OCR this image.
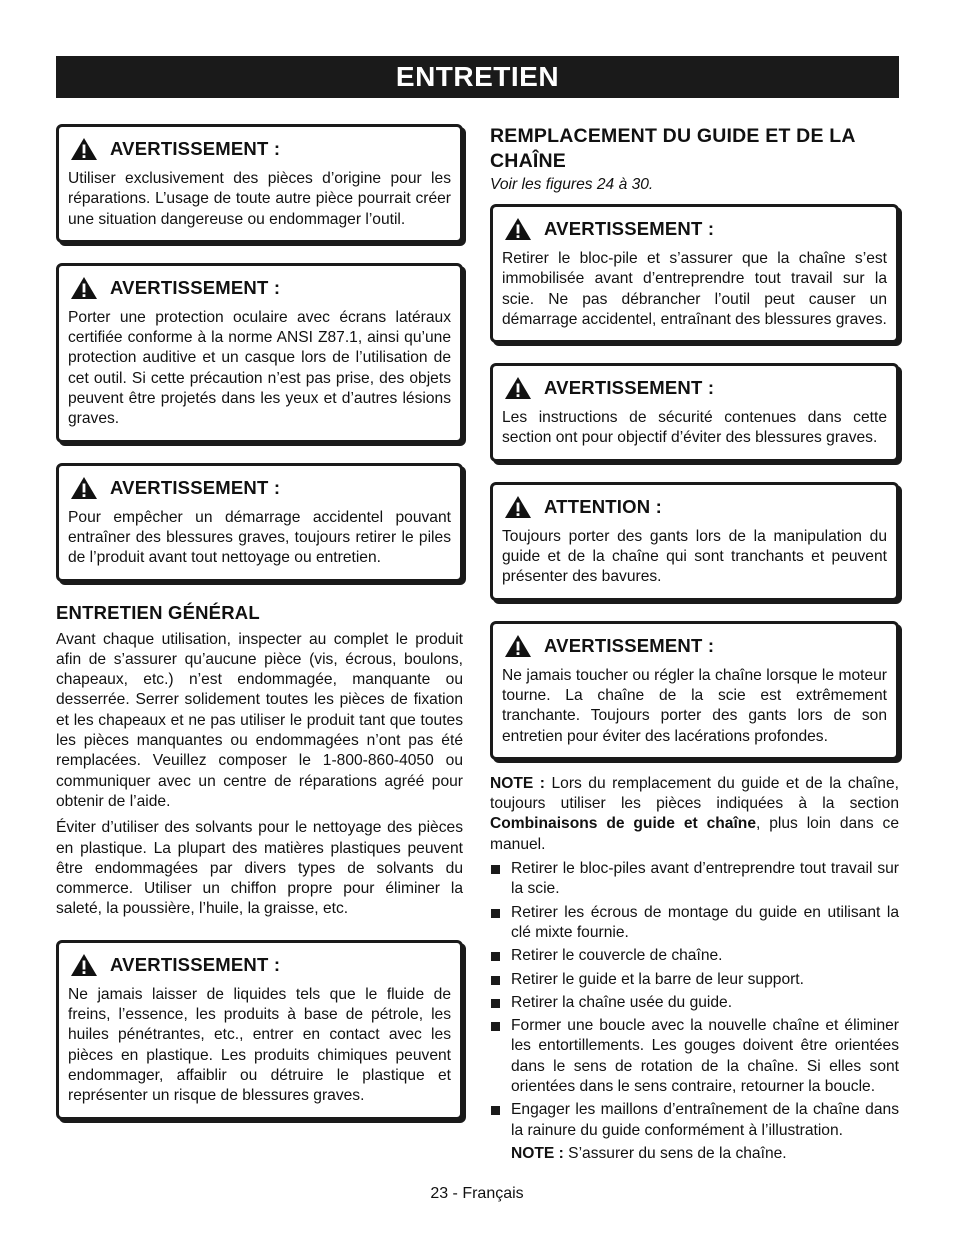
ENTRETIEN
AVERTISSEMENT :
Utiliser exclusivement des pièces d’origine pour les réparations. L’usage de toute autre pièce pourrait créer une situation dangereuse ou endommager l’outil.
AVERTISSEMENT :
Porter une protection oculaire avec écrans latéraux certifiée conforme à la norme ANSI Z87.1, ainsi qu’une protection auditive et un casque lors de l’utilisation de cet outil. Si cette précaution n’est pas prise, des objets peuvent être projetés dans les yeux et d’autres lésions graves.
AVERTISSEMENT :
Pour empêcher un démarrage accidentel pouvant entraîner des blessures graves, toujours retirer le piles de l’produit avant tout nettoyage ou entretien.
ENTRETIEN GÉNÉRAL

Avant chaque utilisation, inspecter au complet le produit afin de s’assurer qu’aucune pièce (vis, écrous, boulons, chapeaux, etc.) n’est endommagée, manquante ou desserrée. Serrer solidement toutes les pièces de fixation et les chapeaux et ne pas utiliser le produit tant que toutes les pièces manquantes ou endommagées n’ont pas été remplacées. Veuillez composer le 1-800-860-4050 ou communiquer avec un centre de réparations agréé pour obtenir de l’aide.

Éviter d’utiliser des solvants pour le nettoyage des pièces en plastique. La plupart des matières plastiques peuvent être endommagées par divers types de solvants du commerce. Utiliser un chiffon propre pour éliminer la saleté, la poussière, l’huile, la graisse, etc.

AVERTISSEMENT :
Ne jamais laisser de liquides tels que le fluide de freins, l’essence, les produits à base de pétrole, les huiles pénétrantes, etc., entrer en contact avec les pièces en plastique. Les produits chimiques peuvent endommager, affaiblir ou détruire le plastique et représenter un risque de blessures graves.
REMPLACEMENT DU GUIDE ET DE LA CHAÎNE
Voir les figures 24 à 30.
AVERTISSEMENT :
Retirer le bloc-pile et s’assurer que la chaîne s’est immobilisée avant d’entreprendre tout travail sur la scie. Ne pas débrancher l’outil peut causer un démarrage accidentel, entraînant des blessures graves.
AVERTISSEMENT :
Les instructions de sécurité contenues dans cette section ont pour objectif d’éviter des blessures graves.
ATTENTION :
Toujours porter des gants lors de la manipulation du guide et de la chaîne qui sont tranchants et peuvent présenter des bavures.
AVERTISSEMENT :
Ne jamais toucher ou régler la chaîne lorsque le moteur tourne. La chaîne de la scie est extrêmement tranchante. Toujours porter des gants lors de son entretien pour éviter des lacérations profondes.

NOTE : Lors du remplacement du guide et de la chaîne, toujours utiliser les pièces indiquées à la section Combinaisons de guide et chaîne, plus loin dans ce manuel.

Retirer le bloc-piles avant d’entreprendre tout travail sur la scie.
Retirer les écrous de montage du guide en utilisant la clé mixte fournie.
Retirer le couvercle de chaîne.
Retirer le guide et la barre de leur support.
Retirer la chaîne usée du guide.
Former une boucle avec la nouvelle chaîne et éliminer les entortillements. Les gouges doivent être orientées dans le sens de rotation de la chaîne. Si elles sont orientées dans le sens contraire, retourner la boucle.
Engager les maillons d’entraînement de la chaîne dans la rainure du guide conformément à l’illustration.
NOTE : S’assurer du sens de la chaîne.
23 - Français
